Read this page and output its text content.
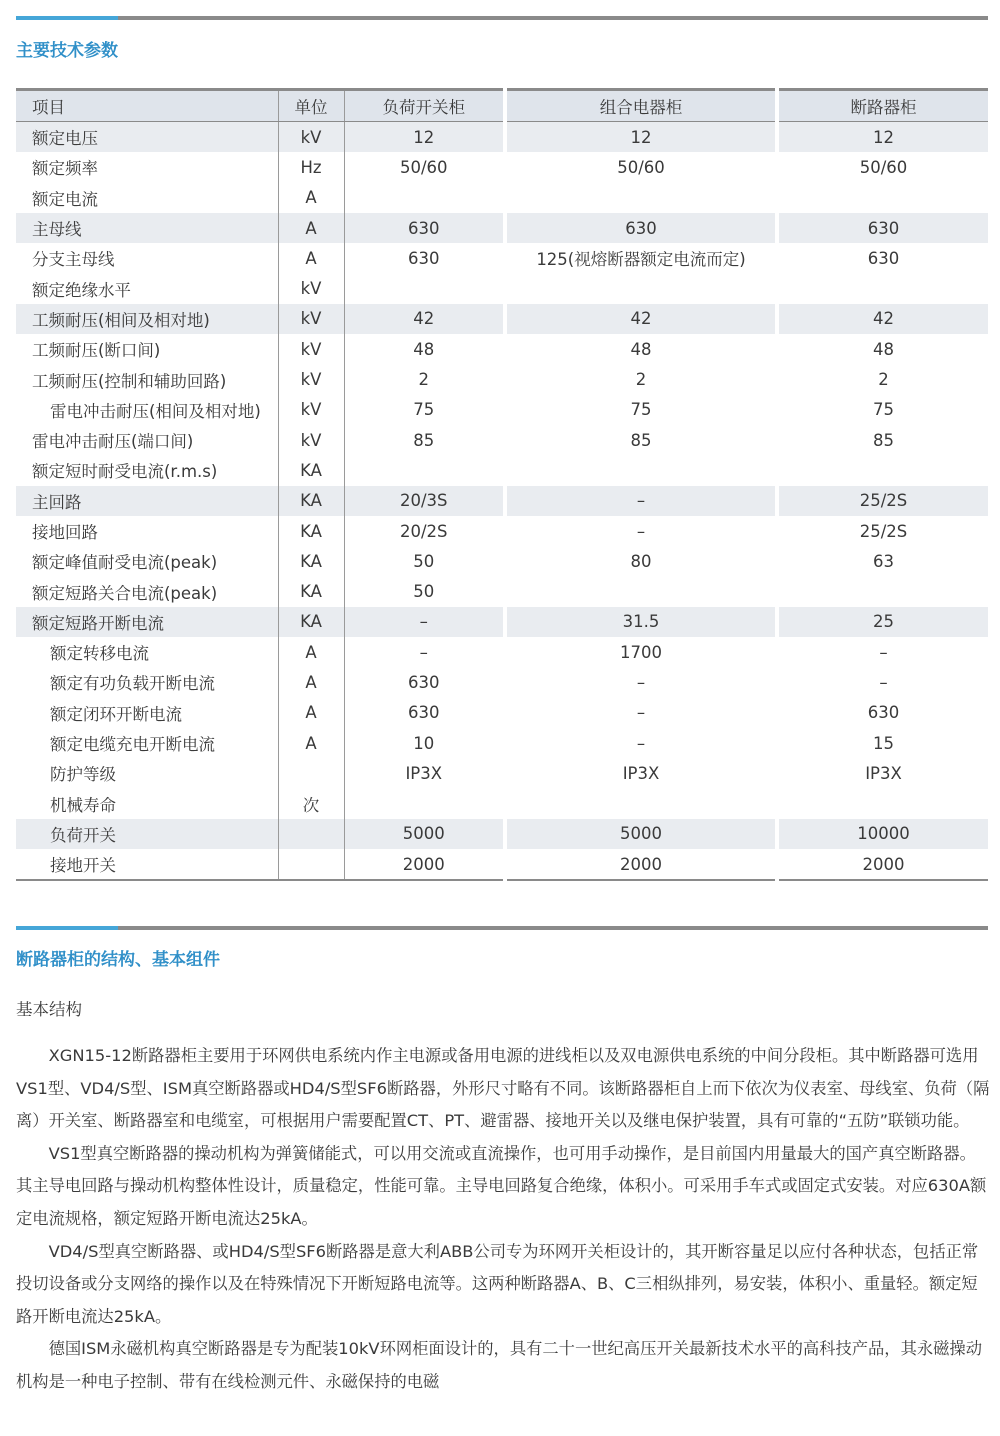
主要技术参数
项目	单位	负荷开关柜	组合电器柜	断路器柜
额定电压	kV	12	12	12
额定频率	Hz	50/60	50/60	50/60
额定电流	A			
主母线	A	630	630	630
分支主母线	A	630	125(视熔断器额定电流而定)	630
额定绝缘水平	kV			
工频耐压(相间及相对地)	kV	42	42	42
工频耐压(断口间)	kV	48	48	48
工频耐压(控制和辅助回路)	kV	2	2	2
雷电冲击耐压(相间及相对地)	kV	75	75	75
雷电冲击耐压(端口间)	kV	85	85	85
额定短时耐受电流(r.m.s)	KA			
主回路	KA	20/3S	–	25/2S
接地回路	KA	20/2S	–	25/2S
额定峰值耐受电流(peak)	KA	50	80	63
额定短路关合电流(peak)	KA	50		
额定短路开断电流	KA	–	31.5	25
额定转移电流	A	–	1700	–
额定有功负载开断电流	A	630	–	–
额定闭环开断电流	A	630	–	630
额定电缆充电开断电流	A	10	–	15
防护等级		IP3X	IP3X	IP3X
机械寿命	次			
负荷开关		5000	5000	10000
接地开关		2000	2000	2000
断路器柜的结构、基本组件
基本结构

XGN15-12断路器柜主要用于环网供电系统内作主电源或备用电源的进线柜以及双电源供电系统的中间分段柜。其中断路器可选用VS1型、VD4/S型、ISM真空断路器或HD4/S型SF6断路器，外形尺寸略有不同。该断路器柜自上而下依次为仪表室、母线室、负荷（隔离）开关室、断路器室和电缆室，可根据用户需要配置CT、PT、避雷器、接地开关以及继电保护装置，具有可靠的“五防”联锁功能。

VS1型真空断路器的操动机构为弹簧储能式，可以用交流或直流操作，也可用手动操作，是目前国内用量最大的国产真空断路器。其主导电回路与操动机构整体性设计，质量稳定，性能可靠。主导电回路复合绝缘，体积小。可采用手车式或固定式安装。对应630A额定电流规格，额定短路开断电流达25kA。

VD4/S型真空断路器、或HD4/S型SF6断路器是意大利ABB公司专为环网开关柜设计的，其开断容量足以应付各种状态，包括正常投切设备或分支网络的操作以及在特殊情况下开断短路电流等。这两种断路器A、B、C三相纵排列，易安装，体积小、重量轻。额定短路开断电流达25kA。

德国ISM永磁机构真空断路器是专为配装10kV环网柜面设计的，具有二十一世纪高压开关最新技术水平的高科技产品，其永磁操动机构是一种电子控制、带有在线检测元件、永磁保持的电磁
